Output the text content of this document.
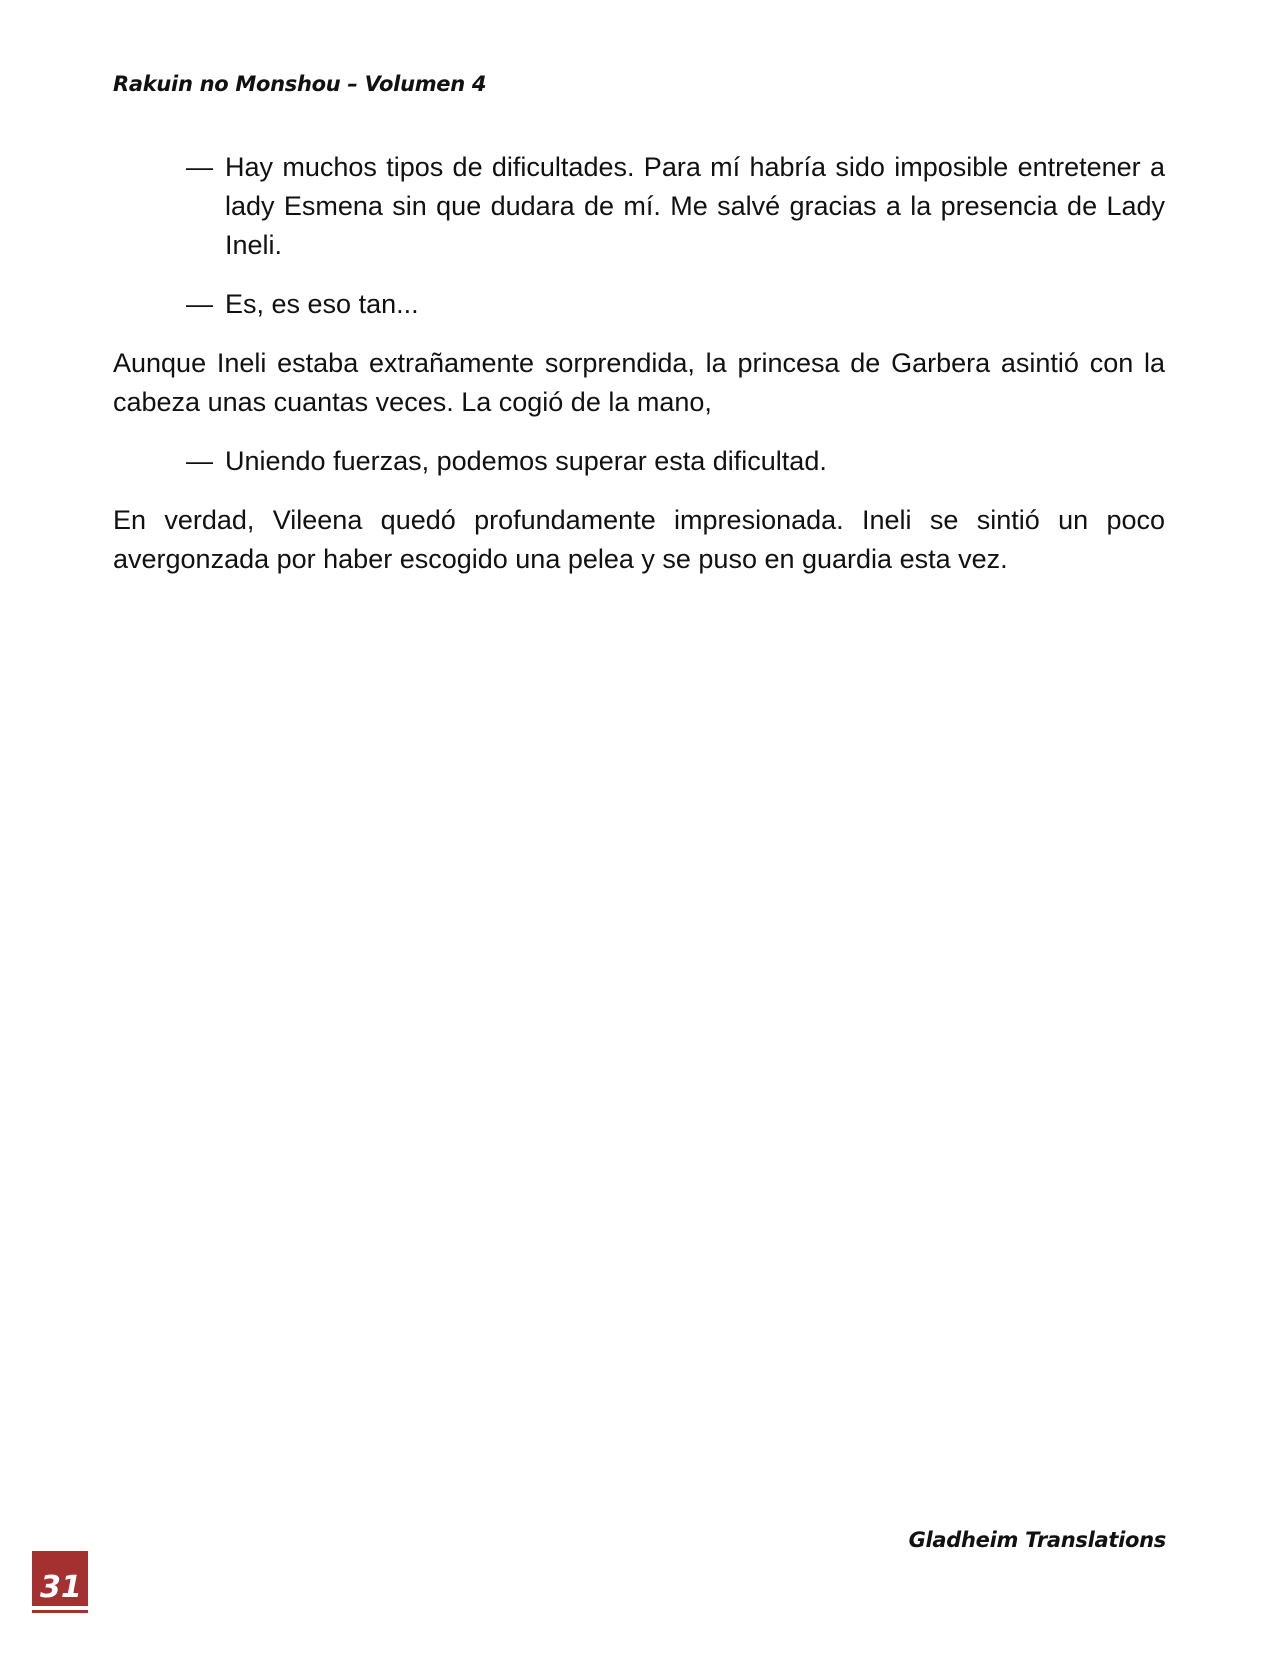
Rakuin no Monshou – Volumen 4
— Hay muchos tipos de dificultades. Para mí habría sido imposible entretener a lady Esmena sin que dudara de mí. Me salvé gracias a la presencia de Lady Ineli.
— Es, es eso tan...

Aunque Ineli estaba extrañamente sorprendida, la princesa de Garbera asintió con la cabeza unas cuantas veces. La cogió de la mano,

— Uniendo fuerzas, podemos superar esta dificultad.

En verdad, Vileena quedó profundamente impresionada. Ineli se sintió un poco avergonzada por haber escogido una pelea y se puso en guardia esta vez.

Gladheim Translations
31
